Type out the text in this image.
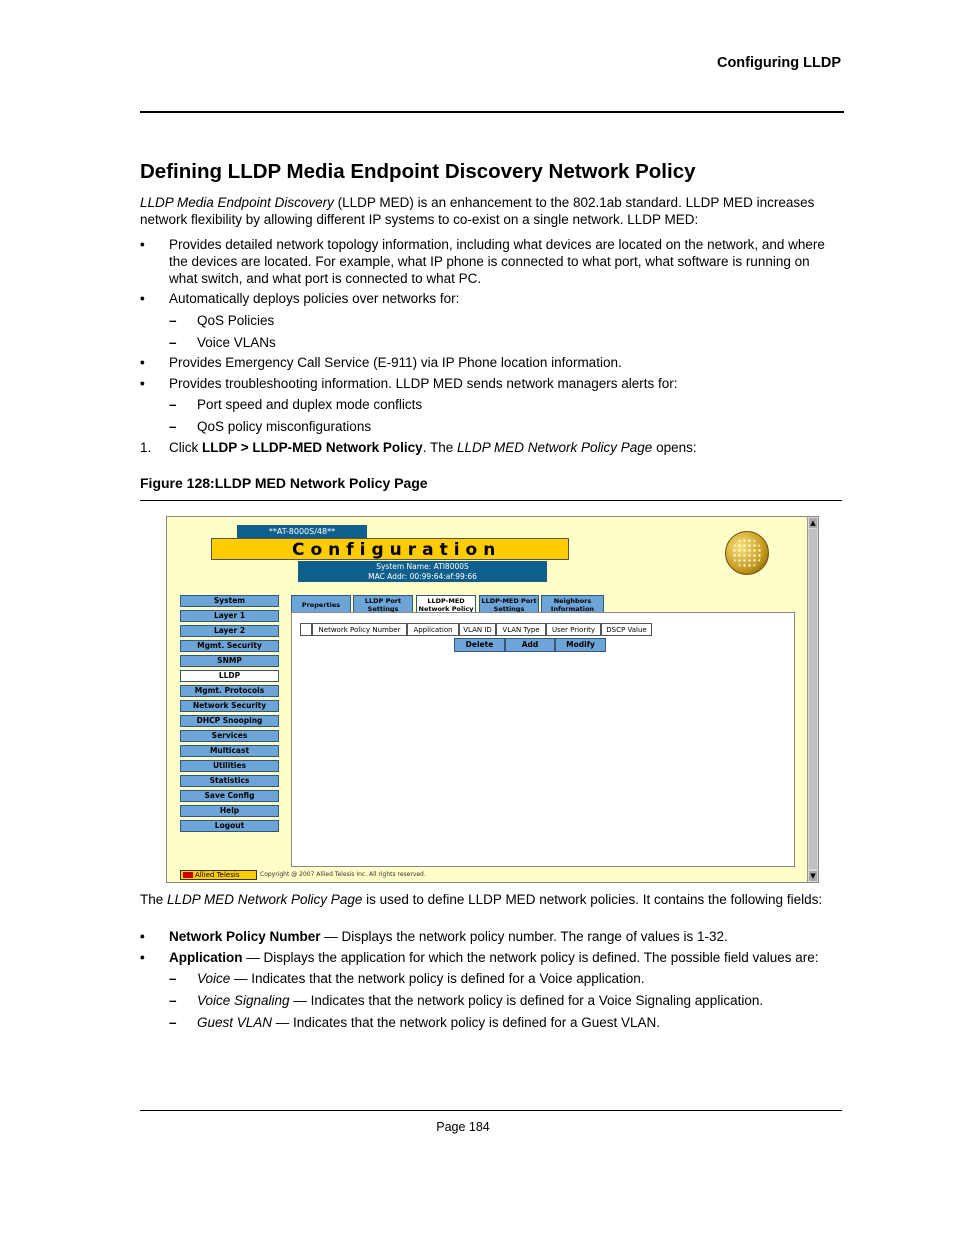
Configuring LLDP
Defining LLDP Media Endpoint Discovery Network Policy
LLDP Media Endpoint Discovery (LLDP MED) is an enhancement to the 802.1ab standard. LLDP MED increases network flexibility by allowing different IP systems to co-exist on a single network. LLDP MED:
• Provides detailed network topology information, including what devices are located on the network, and where the devices are located. For example, what IP phone is connected to what port, what software is running on what switch, and what port is connected to what PC.
• Automatically deploys policies over networks for:
– QoS Policies
– Voice VLANs
• Provides Emergency Call Service (E-911) via IP Phone location information.
• Provides troubleshooting information. LLDP MED sends network managers alerts for:
– Port speed and duplex mode conflicts
– QoS policy misconfigurations
1. Click LLDP > LLDP-MED Network Policy. The LLDP MED Network Policy Page opens:
Figure 128:LLDP MED Network Policy Page
▲
▼
**AT-8000S/48**
Configuration
System Name: ATI8000S
MAC Addr: 00:99:64:af:99:66
System
Layer 1
Layer 2
Mgmt. Security
SNMP
LLDP
Mgmt. Protocols
Network Security
DHCP Snooping
Services
Multicast
Utilities
Statistics
Save Config
Help
Logout
Properties	LLDP Port
Settings
LLDP-MED
Network Policy
LLDP-MED Port
Settings
Neighbors
Information
Network Policy Number	Application	VLAN ID	VLAN Type	User Priority	DSCP Value
Delete	Add	Modify
Allied Telesis	Copyright @ 2007 Allied Telesis Inc. All rights reserved.
The LLDP MED Network Policy Page is used to define LLDP MED network policies. It contains the following fields:
• Network Policy Number — Displays the network policy number. The range of values is 1-32.
• Application — Displays the application for which the network policy is defined. The possible field values are:
– Voice — Indicates that the network policy is defined for a Voice application.
– Voice Signaling — Indicates that the network policy is defined for a Voice Signaling application.
– Guest VLAN — Indicates that the network policy is defined for a Guest VLAN.
Page 184
